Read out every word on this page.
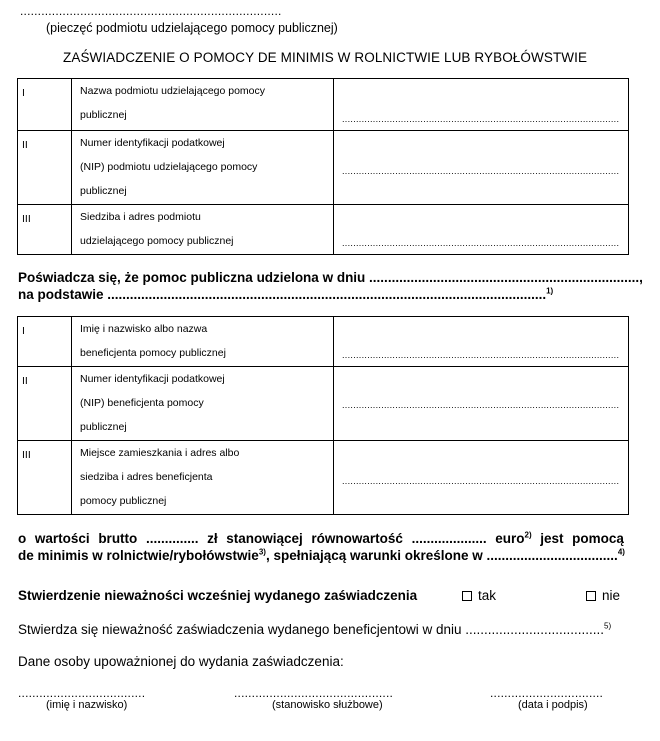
..........................................................................
(pieczęć podmiotu udzielającego pomocy publicznej)
ZAŚWIADCZENIE O POMOCY DE MINIMIS W ROLNICTWIE LUB RYBOŁÓWSTWIE
I	Nazwa podmiotu udzielającego pomocy
publicznej	...................................................................................................

II	Numer identyfikacji podatkowej
(NIP) podmiotu udzielającego pomocy
publicznej	...................................................................................................

III	Siedziba i adres podmiotu
udzielającego pomocy publicznej	...................................................................................................
Poświadcza się, że pomoc publiczna udzielona w dniu ........................................................................,
na podstawie .....................................................................................................................$^{1)}$
I	Imię i nazwisko albo nazwa
beneficjenta pomocy publicznej	...................................................................................................

II	Numer identyfikacji podatkowej
(NIP) beneficjenta pomocy
publicznej	...................................................................................................

III	Miejsce zamieszkania i adres albo
siedziba i adres beneficjenta
pomocy publicznej	...................................................................................................
o wartości brutto .............. zł stanowiącej równowartość .................... euro$^{2)}$ jest pomocą
de minimis w rolnictwie/rybołówstwie$^{3)}$, spełniającą warunki określone w ...................................$^{4)}$
Stwierdzenie nieważności wcześniej wydanego zaświadczenia	tak	nie
Stwierdza się nieważność zaświadczenia wydanego beneficjentowi w dniu .....................................$^{5)}$
Dane osoby upoważnionej do wydania zaświadczenia:
....................................
(imię i nazwisko)
.............................................
(stanowisko służbowe)
................................
(data i podpis)
